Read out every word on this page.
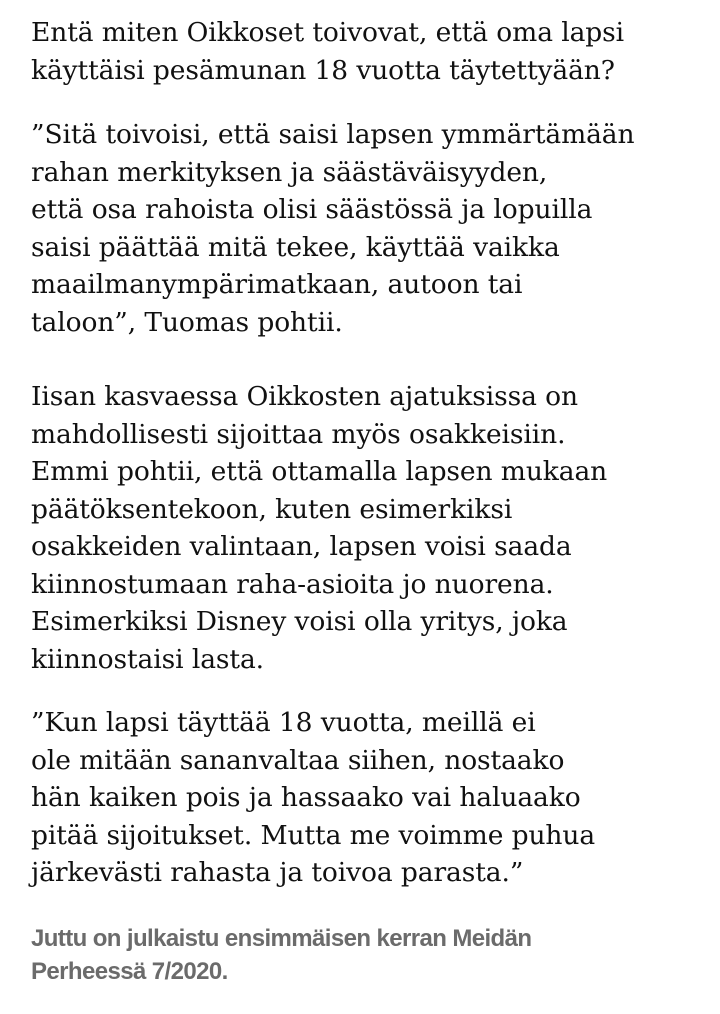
Entä miten Oikkoset toivovat, että oma lapsi
käyttäisi pesämunan 18 vuotta täytettyään?

”Sitä toivoisi, että saisi lapsen ymmärtämään
rahan merkityksen ja säästäväisyyden,
että osa rahoista olisi säästössä ja lopuilla
saisi päättää mitä tekee, käyttää vaikka
maailmanympärimatkaan, autoon tai
taloon”, Tuomas pohtii.

Iisan kasvaessa Oikkosten ajatuksissa on
mahdollisesti sijoittaa myös osakkeisiin.
Emmi pohtii, että ottamalla lapsen mukaan
päätöksentekoon, kuten esimerkiksi
osakkeiden valintaan, lapsen voisi saada
kiinnostumaan raha-asioita jo nuorena.
Esimerkiksi Disney voisi olla yritys, joka
kiinnostaisi lasta.

”Kun lapsi täyttää 18 vuotta, meillä ei
ole mitään sananvaltaa siihen, nostaako
hän kaiken pois ja hassaako vai haluaako
pitää sijoitukset. Mutta me voimme puhua
järkevästi rahasta ja toivoa parasta.”

Juttu on julkaistu ensimmäisen kerran Meidän
Perheessä 7/2020.
